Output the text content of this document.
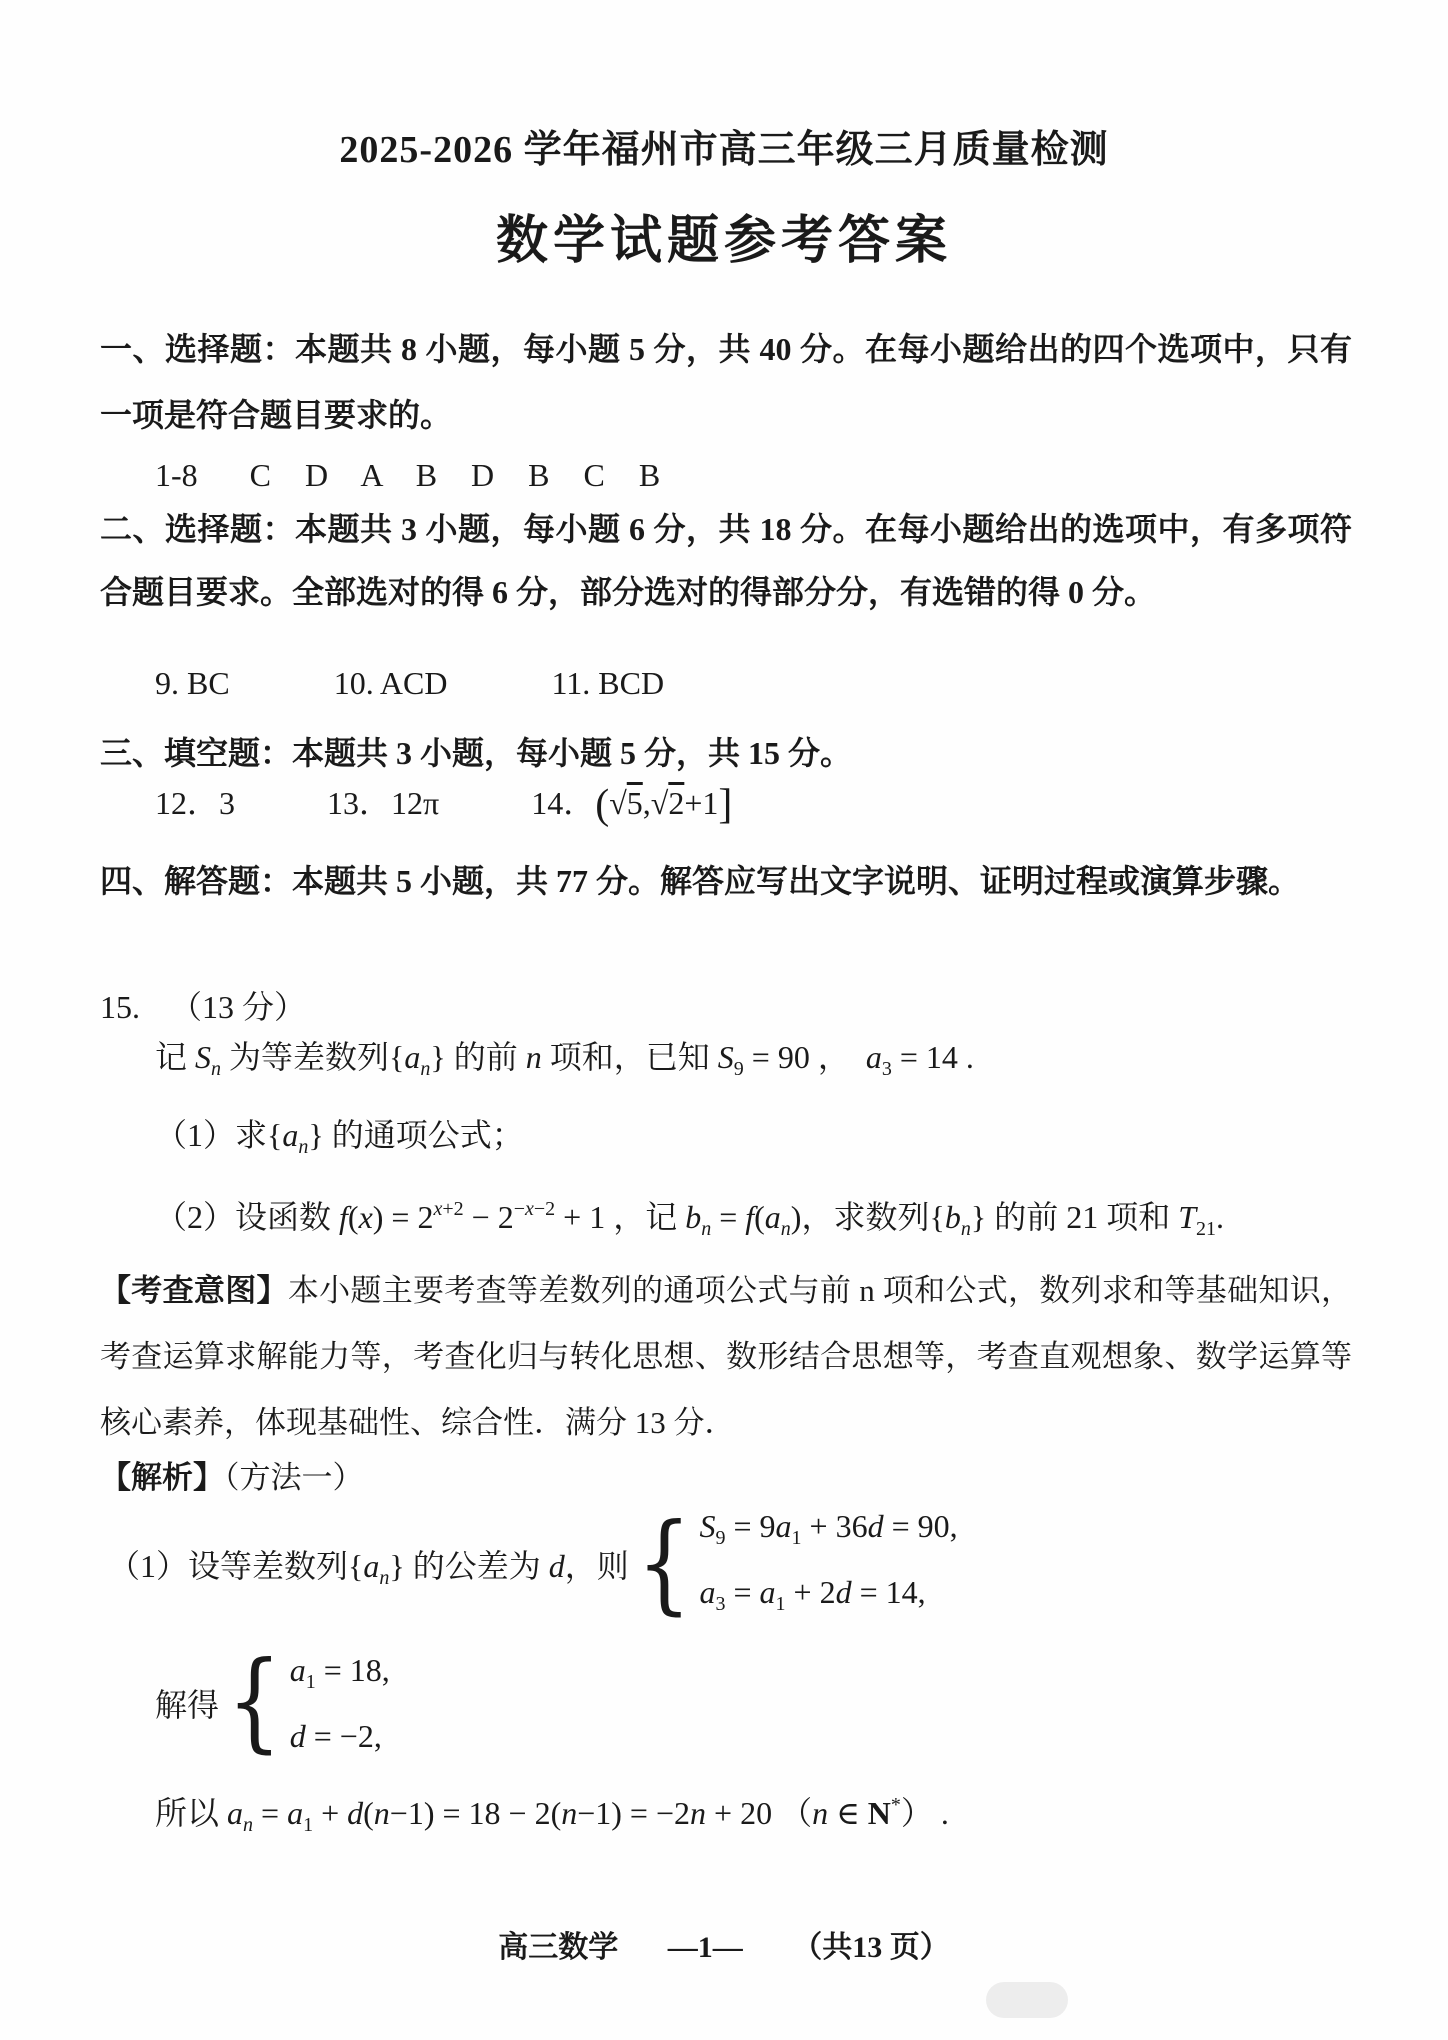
2025-2026 学年福州市高三年级三月质量检测
数学试题参考答案
一、选择题：本题共 8 小题，每小题 5 分，共 40 分。在每小题给出的四个选项中，只有一项是符合题目要求的。
1-8 C D A B D B C B
二、选择题：本题共 3 小题，每小题 6 分，共 18 分。在每小题给出的选项中，有多项符合题目要求。全部选对的得 6 分，部分选对的得部分分，有选错的得 0 分。
9. BC	10. ACD	11. BCD
三、填空题：本题共 3 小题，每小题 5 分，共 15 分。
12．3	13．12π	14．(√5,√2+1]
四、解答题：本题共 5 小题，共 77 分。解答应写出文字说明、证明过程或演算步骤。
15. （13 分）
记 $S_n$ 为等差数列$\{a_n\}$ 的前 n 项和，已知 $S_9 = 90$ ，  $a_3 = 14$ .
（1）求$\{a_n\}$ 的通项公式；
（2）设函数 $f(x) = 2^{x+2} - 2^{-x-2} + 1$ ，记 $b_n = f(a_n)$，求数列$\{b_n\}$ 的前 21 项和 $T_{21}$.
【考查意图】本小题主要考查等差数列的通项公式与前 n 项和公式，数列求和等基础知识，考查运算求解能力等，考查化归与转化思想、数形结合思想等，考查直观想象、数学运算等核心素养，体现基础性、综合性．满分 13 分．
【解析】（方法一）
（1）设等差数列$\{a_n\}$ 的公差为 d，则 { $S_9 = 9a_1 + 36d = 90$,
$a_3 = a_1 + 2d = 14$,
解得 { $a_1 = 18$,
d = −2,
所以 $a_n = a_1 + d(n-1) = 18 - 2(n-1) = -2n + 20$ （n ∈ N*） .
高三数学 —1— （共13 页）
